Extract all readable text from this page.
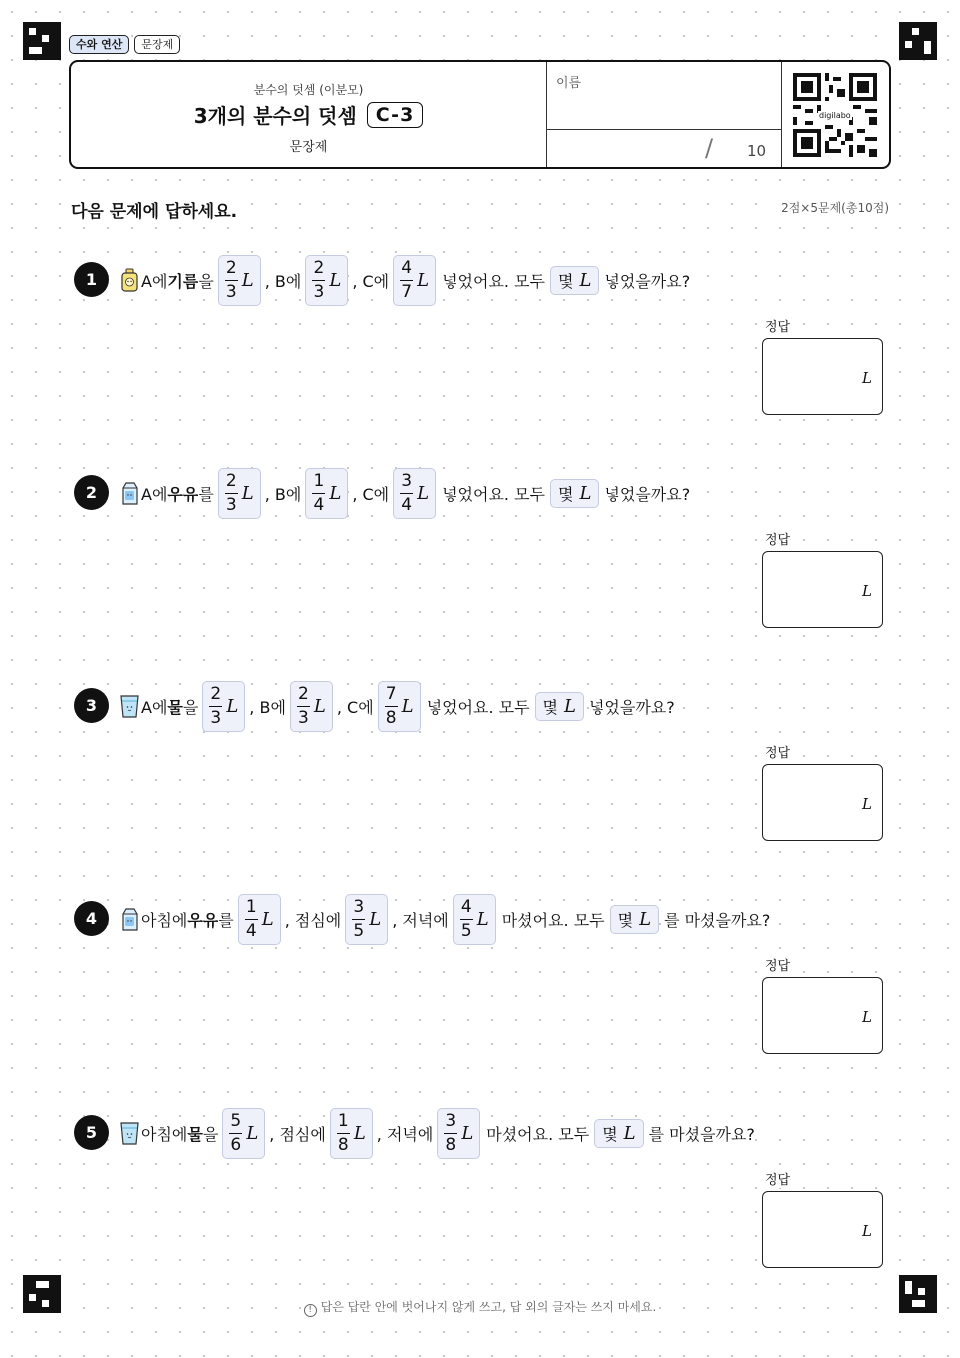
수와 연산	문장제
분수의 덧셈 (이분모)
3개의 분수의 덧셈	C-3
문장제
이름
/ 10
digilabo
다음 문제에 답하세요.	2점×5문제(총10점)
1	A에 기름 을 $\frac{2}{3}$ L , B에 $\frac{2}{3}$ L , C에 $\frac{4}{7}$ L 넣었어요. 모두 몇 L 넣었을까요?
정답
L
2	A에 우유 를 $\frac{2}{3}$ L , B에 $\frac{1}{4}$ L , C에 $\frac{3}{4}$ L 넣었어요. 모두 몇 L 넣었을까요?
정답
L
3	A에 물 을 $\frac{2}{3}$ L , B에 $\frac{2}{3}$ L , C에 $\frac{7}{8}$ L 넣었어요. 모두 몇 L 넣었을까요?
정답
L
4	아침에 우유 를 $\frac{1}{4}$ L , 점심에 $\frac{3}{5}$ L , 저녁에 $\frac{4}{5}$ L 마셨어요. 모두 몇 L 를 마셨을까요?
정답
L
5	아침에 물 을 $\frac{5}{6}$ L , 점심에 $\frac{1}{8}$ L , 저녁에 $\frac{3}{8}$ L 마셨어요. 모두 몇 L 를 마셨을까요?
정답
L
! 답은 답란 안에 벗어나지 않게 쓰고, 답 외의 글자는 쓰지 마세요.
